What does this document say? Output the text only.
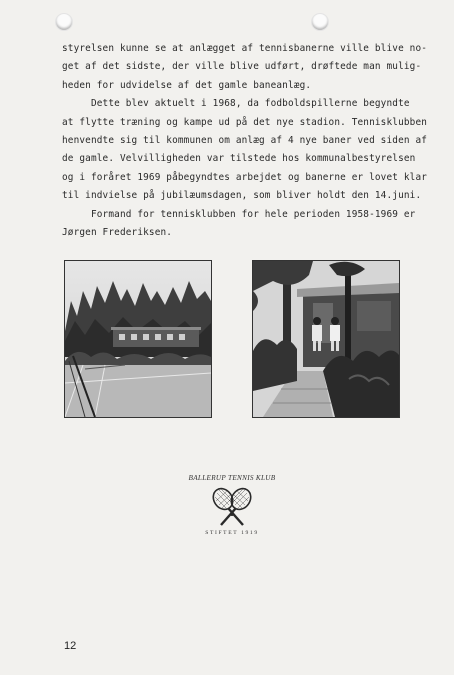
styrelsen kunne se at anlægget af tennisbanerne ville blive no-
get af det sidste, der ville blive udført, drøftede man mulig-
heden for udvidelse af det gamle baneanlæg.
Dette blev aktuelt i 1968, da fodboldspillerne begyndte
at flytte træning og kampe ud på det nye stadion. Tennisklubben
henvendte sig til kommunen om anlæg af 4 nye baner ved siden af
de gamle. Velvilligheden var tilstede hos kommunalbestyrelsen
og i foråret 1969 påbegyndtes arbejdet og banerne er lovet klar
til indvielse på jubilæumsdagen, som bliver holdt den 14.juni.
Formand for tennisklubben for hele perioden 1958-1969 er
Jørgen Frederiksen.
BALLERUP TENNIS KLUB
STIFTET 1919
12
